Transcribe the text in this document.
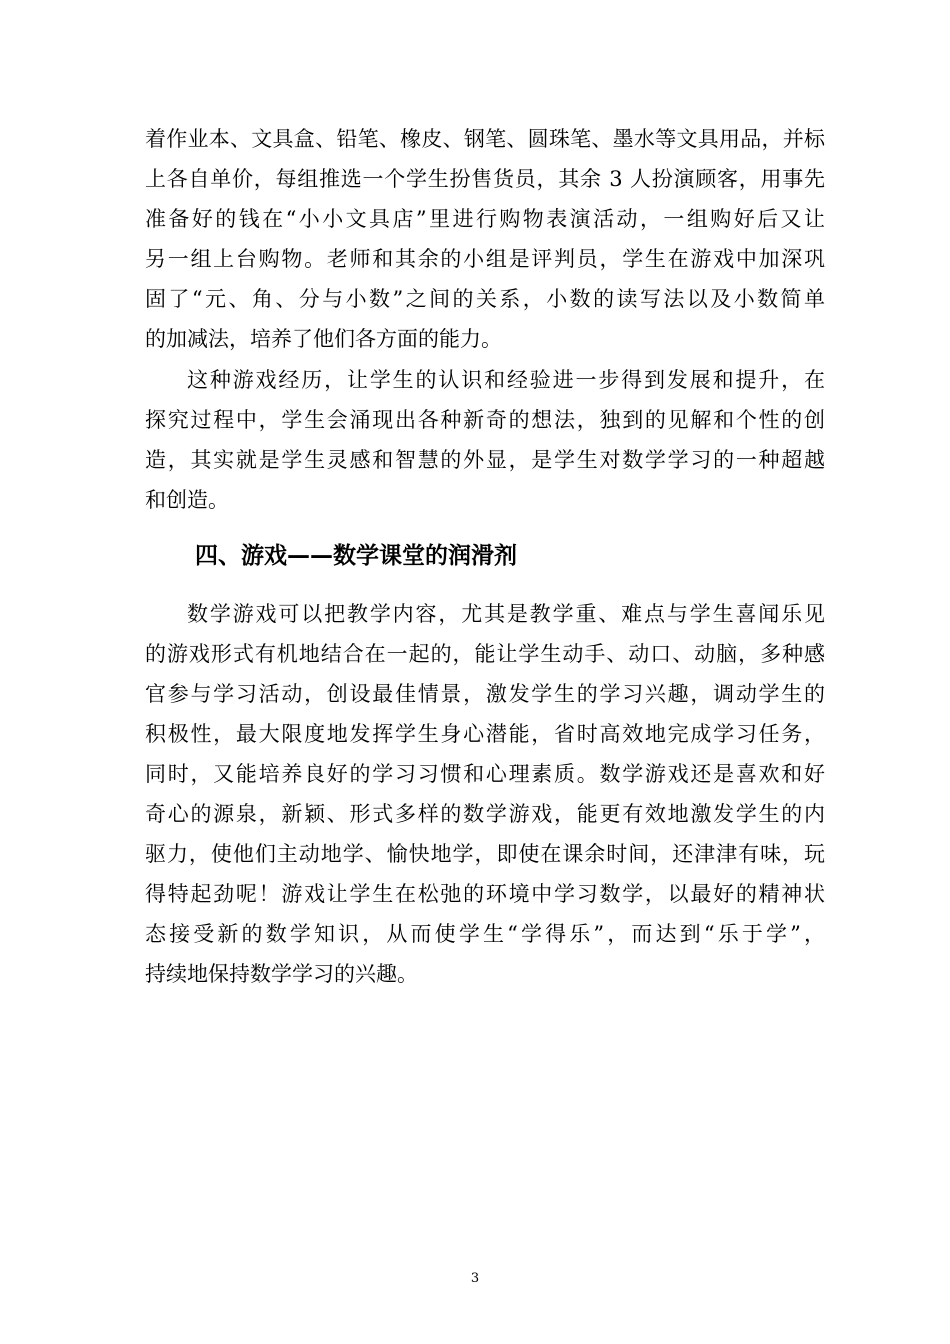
着作业本、文具盒、铅笔、橡皮、钢笔、圆珠笔、墨水等文具用品，并标
上各自单价，每组推选一个学生扮售货员，其余 3 人扮演顾客，用事先
准备好的钱在“小小文具店”里进行购物表演活动，一组购好后又让
另一组上台购物。老师和其余的小组是评判员，学生在游戏中加深巩
固了“元、角、分与小数”之间的关系，小数的读写法以及小数简单
的加减法，培养了他们各方面的能力。
这种游戏经历，让学生的认识和经验进一步得到发展和提升，在
探究过程中，学生会涌现出各种新奇的想法，独到的见解和个性的创
造，其实就是学生灵感和智慧的外显，是学生对数学学习的一种超越
和创造。
四、游戏——数学课堂的润滑剂
数学游戏可以把教学内容，尤其是教学重、难点与学生喜闻乐见
的游戏形式有机地结合在一起的，能让学生动手、动口、动脑，多种感
官参与学习活动，创设最佳情景，激发学生的学习兴趣，调动学生的
积极性，最大限度地发挥学生身心潜能，省时高效地完成学习任务，
同时，又能培养良好的学习习惯和心理素质。数学游戏还是喜欢和好
奇心的源泉，新颖、形式多样的数学游戏，能更有效地激发学生的内
驱力，使他们主动地学、愉快地学，即使在课余时间，还津津有味，玩
得特起劲呢！游戏让学生在松弛的环境中学习数学，以最好的精神状
态接受新的数学知识，从而使学生“学得乐”，而达到“乐于学”，
持续地保持数学学习的兴趣。
3
